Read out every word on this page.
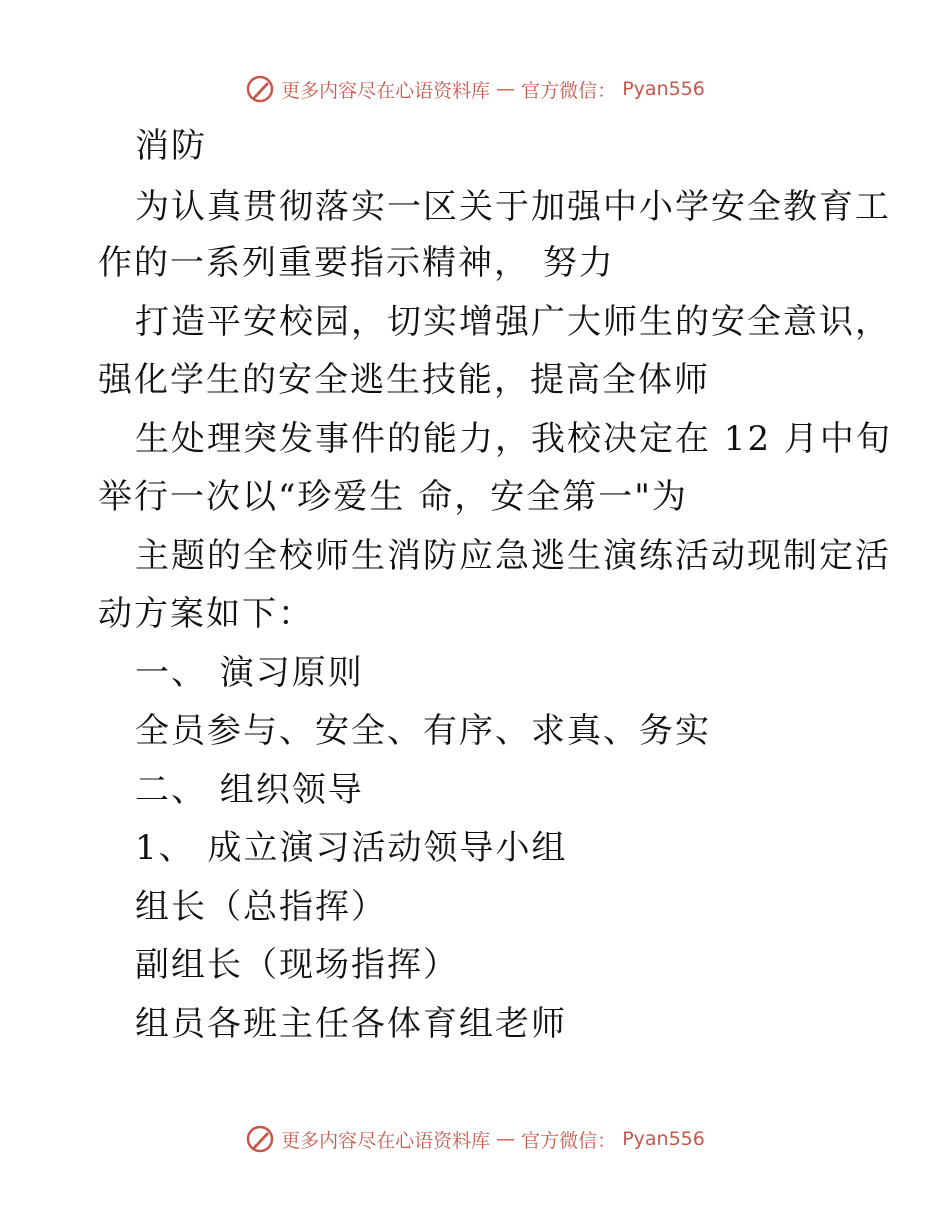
更多内容尽在心语资料库 — 官方微信： Pyan556
消防
为认真贯彻落实一区关于加强中小学安全教育工
作的一系列重要指示精神， 努力
打造平安校园，切实增强广大师生的安全意识，
强化学生的安全逃生技能，提高全体师
生处理突发事件的能力，我校决定在 12 月中旬
举行一次以“珍爱生 命，安全第一"为
主题的全校师生消防应急逃生演练活动现制定活
动方案如下：
一、 演习原则
全员参与、安全、有序、求真、务实
二、 组织领导
1、 成立演习活动领导小组
组长（总指挥）
副组长（现场指挥）
组员各班主任各体育组老师
更多内容尽在心语资料库 — 官方微信： Pyan556
